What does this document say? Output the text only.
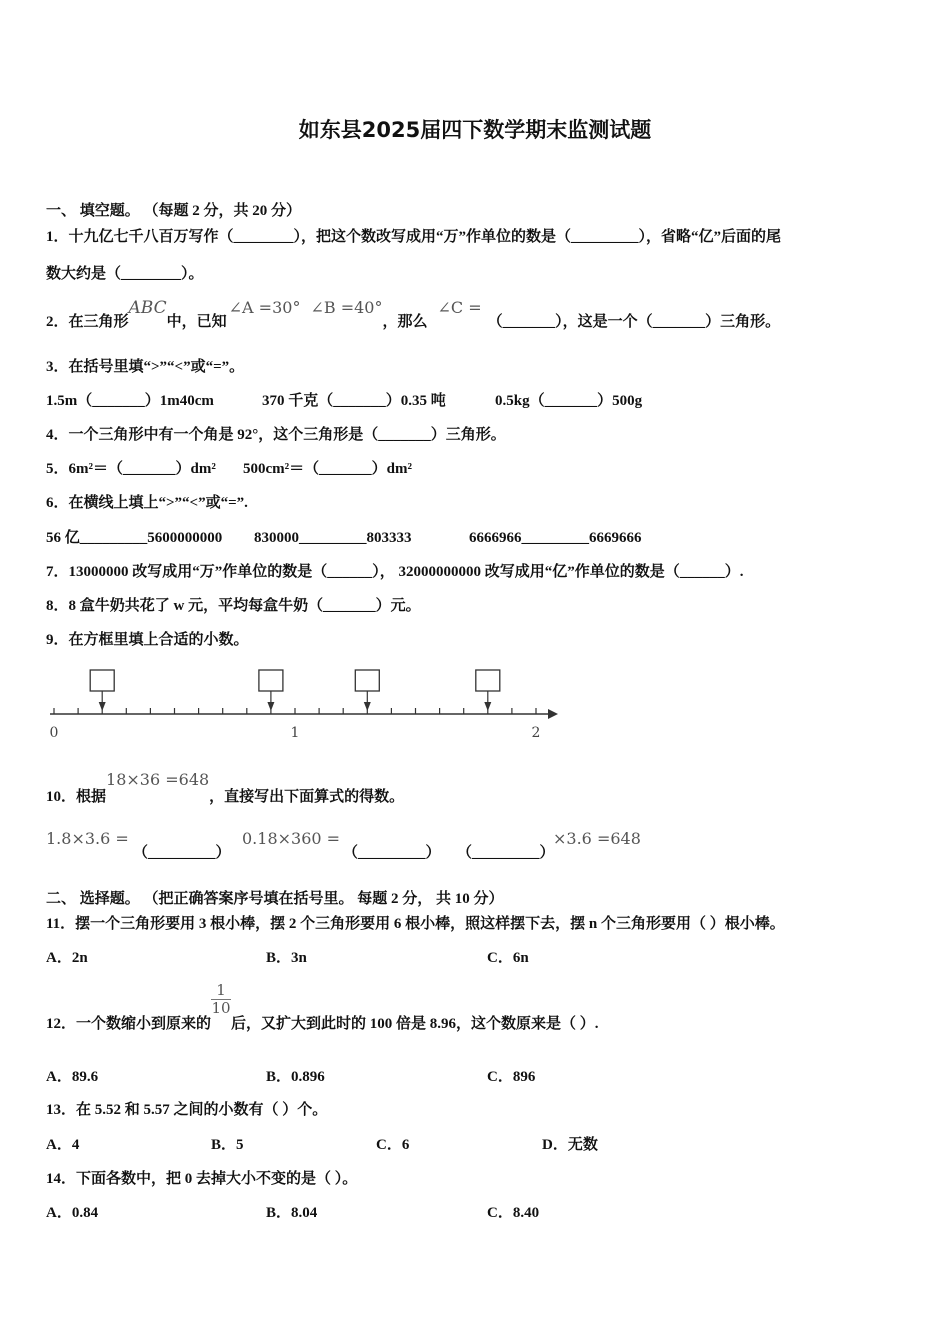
如东县2025届四下数学期末监测试题
一、 填空题。 （每题 2 分，共 20 分）
1．十九亿七千八百万写作（________），把这个数改写成用“万”作单位的数是（_________），省略“亿”后面的尾
数大约是（________）。
2．在三角形ABC中，已知∠A =30° ∠B =40°，那么∠C =（_______），这是一个（_______）三角形。
3．在括号里填“>”“<”或“=”。
1.5m（_______）1m40cm	370 千克（_______）0.35 吨	0.5kg（_______）500g
4．一个三角形中有一个角是 92°，这个三角形是（_______）三角形。
5．6m²＝（_______）dm² 500cm²＝（_______）dm²
6．在横线上填上“>”“<”或“=”.
56 亿_________5600000000 830000_________803333	6666966_________6669666
7．13000000 改写成用“万”作单位的数是（______）， 32000000000 改写成用“亿”作单位的数是（______）.
8．8 盒牛奶共花了 w 元，平均每盒牛奶（_______）元。
9．在方框里填上合适的小数。
0	1	2
10．根据18×36 =648，直接写出下面算式的得数。
1.8×3.6 =
（_________）
0.18×360 =
（_________） （_________）
×3.6 =648
二、 选择题。 （把正确答案序号填在括号里。 每题 2 分， 共 10 分）
11．摆一个三角形要用 3 根小棒，摆 2 个三角形要用 6 根小棒，照这样摆下去，摆 n 个三角形要用（ ）根小棒。
A．2n	B．3n	C．6n
12．一个数缩小到原来的
$\frac{1}{10}$
后，又扩大到此时的 100 倍是 8.96，这个数原来是（ ）.
A．89.6	B．0.896	C．896
13．在 5.52 和 5.57 之间的小数有（ ）个。
A．4	B．5	C．6	D．无数
14．下面各数中，把 0 去掉大小不变的是（ ）。
A．0.84	B．8.04	C．8.40
